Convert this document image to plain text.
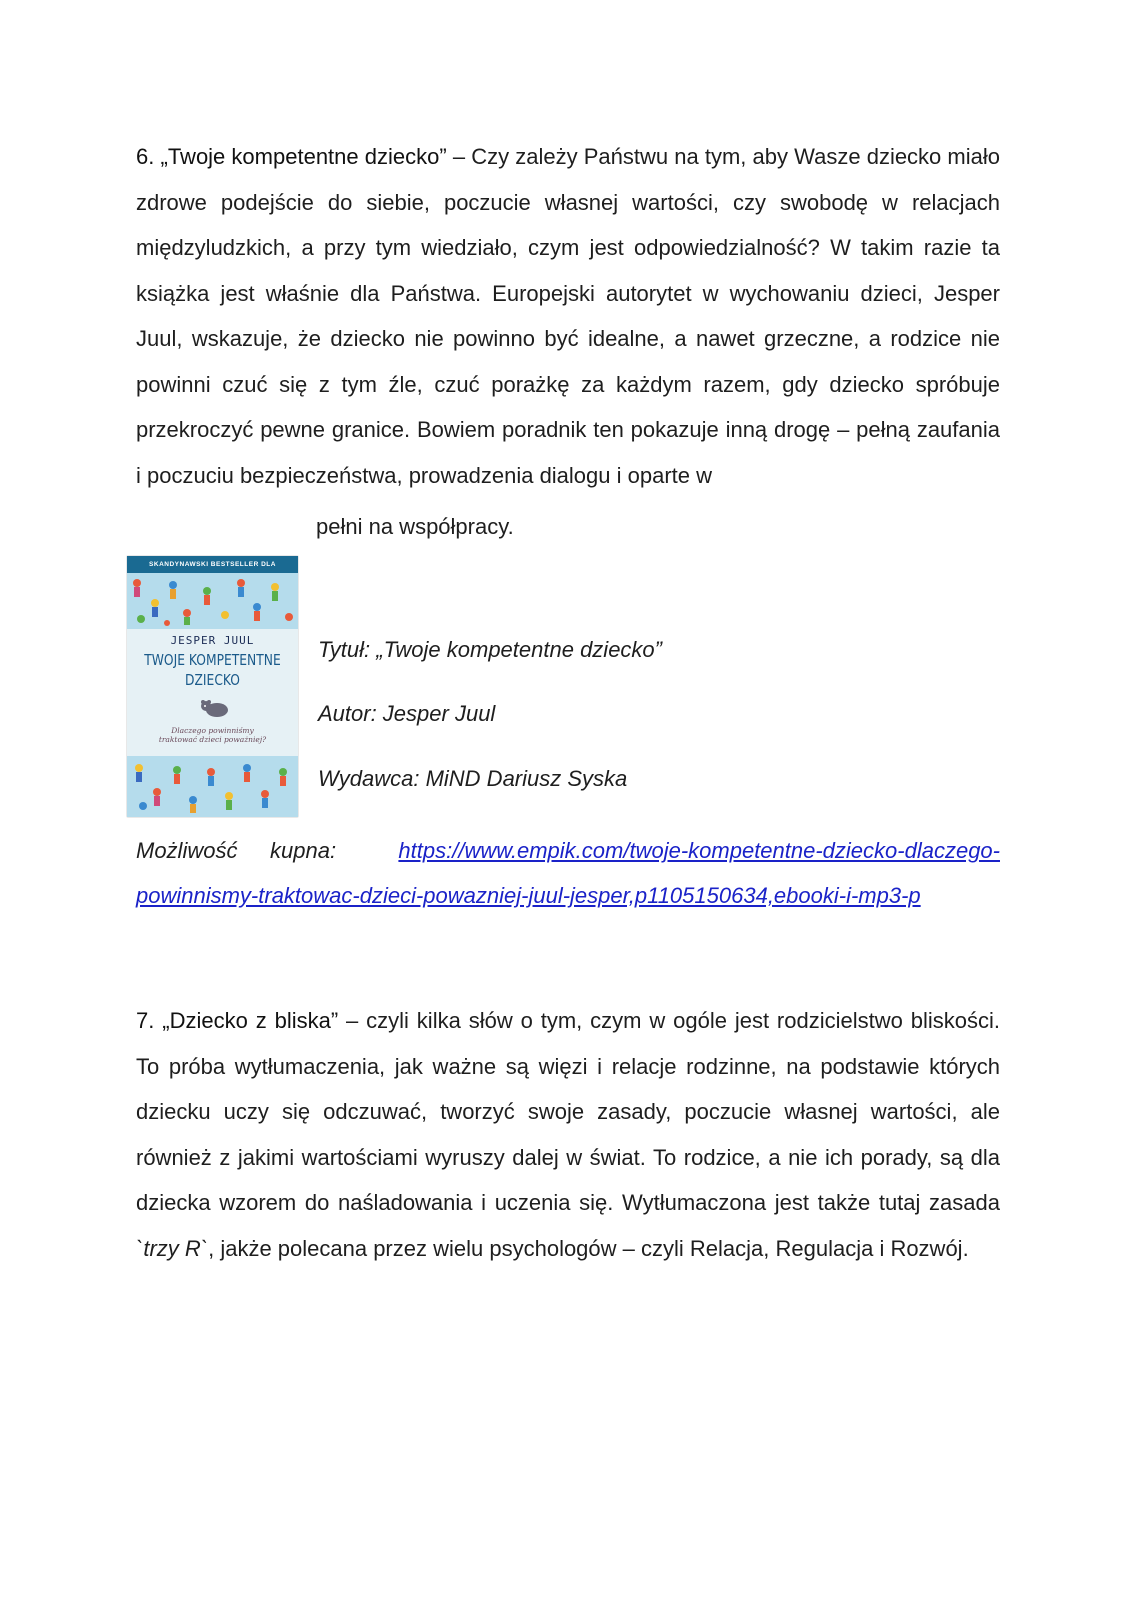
6. „Twoje kompetentne dziecko” – Czy zależy Państwu na tym, aby Wasze dziecko miało zdrowe podejście do siebie, poczucie własnej wartości, czy swobodę w relacjach międzyludzkich, a przy tym wiedziało, czym jest odpowiedzialność? W takim razie ta książka jest właśnie dla Państwa. Europejski autorytet w wychowaniu dzieci, Jesper Juul, wskazuje, że dziecko nie powinno być idealne, a nawet grzeczne, a rodzice nie powinni czuć się z tym źle, czuć porażkę za każdym razem, gdy dziecko spróbuje przekroczyć pewne granice. Bowiem poradnik ten pokazuje inną drogę – pełną zaufania i poczuciu bezpieczeństwa, prowadzenia dialogu i oparte w

pełni na współpracy.
SKANDYNAWSKI BESTSELLER DLA
JESPER JUUL
TWOJE KOMPETENTNE
DZIECKO
Dlaczego powinniśmy
traktować dzieci poważniej?
Tytuł: „Twoje kompetentne dziecko”
Autor: Jesper Juul
Wydawca: MiND Dariusz Syska
Możliwość kupna:	https://www.empik.com/twoje-kompetentne-dziecko-dlaczego-
powinnismy-traktowac-dzieci-powazniej-juul-jesper,p1105150634,ebooki-i-mp3-p

7. „Dziecko z bliska” – czyli kilka słów o tym, czym w ogóle jest rodzicielstwo bliskości. To próba wytłumaczenia, jak ważne są więzi i relacje rodzinne, na podstawie których dziecku uczy się odczuwać, tworzyć swoje zasady, poczucie własnej wartości, ale również z jakimi wartościami wyruszy dalej w świat. To rodzice, a nie ich porady, są dla dziecka wzorem do naśladowania i uczenia się. Wytłumaczona jest także tutaj zasada `trzy R`, jakże polecana przez wielu psychologów – czyli Relacja, Regulacja i Rozwój.
